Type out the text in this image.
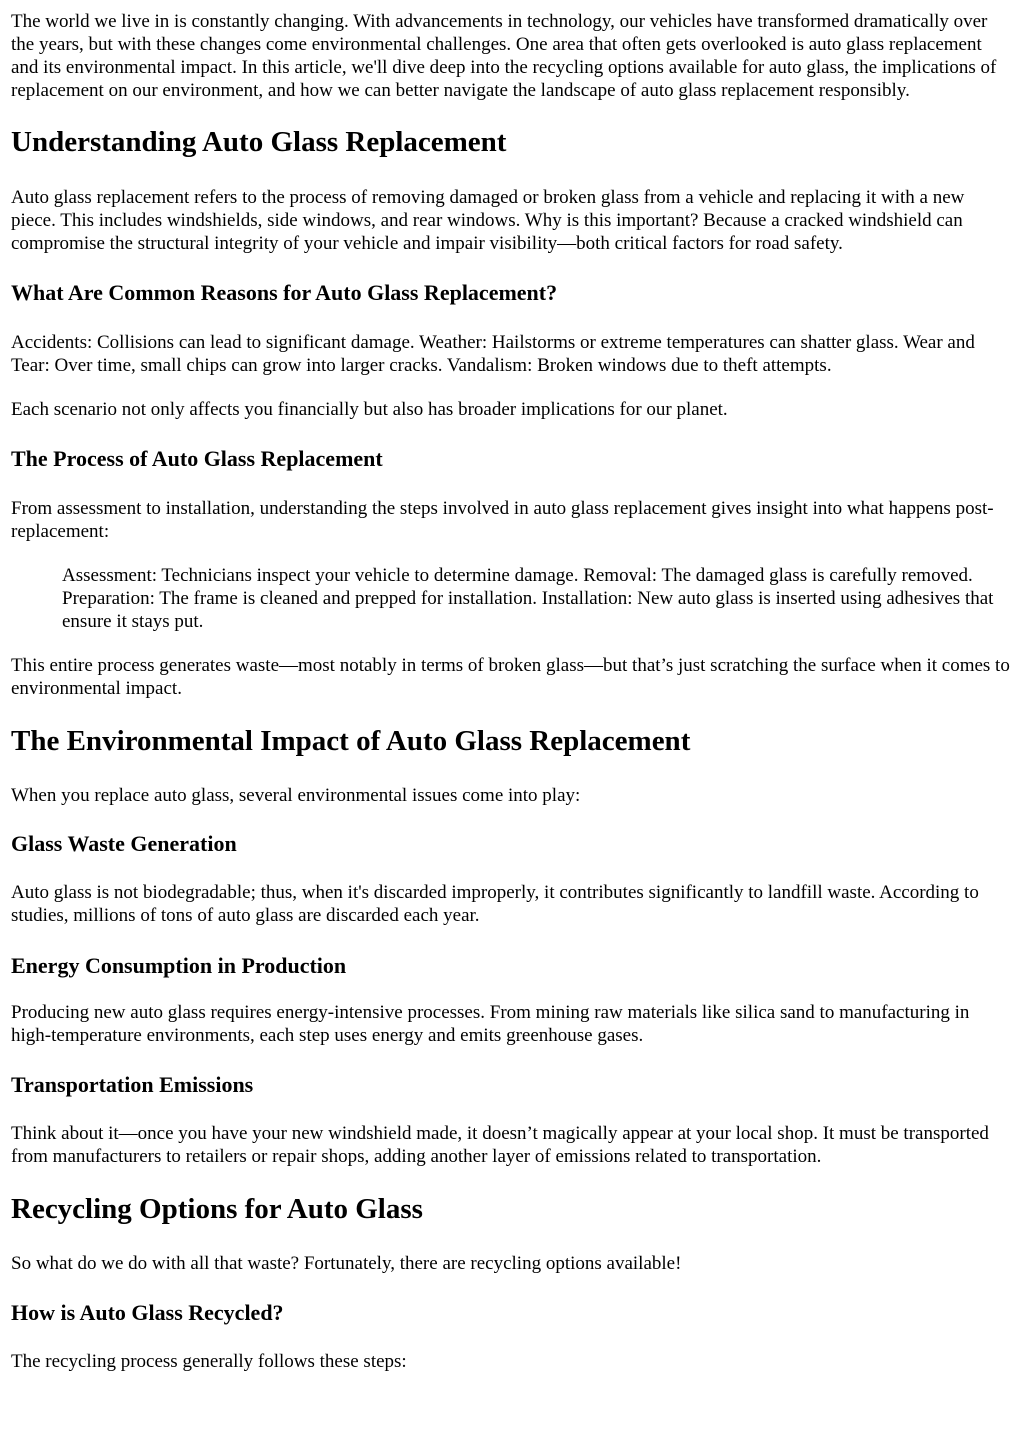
The world we live in is constantly changing. With advancements in technology, our vehicles have transformed dramatically over the years, but with these changes come environmental challenges. One area that often gets overlooked is auto glass replacement and its environmental impact. In this article, we'll dive deep into the recycling options available for auto glass, the implications of replacement on our environment, and how we can better navigate the landscape of auto glass replacement responsibly.

Understanding Auto Glass Replacement

Auto glass replacement refers to the process of removing damaged or broken glass from a vehicle and replacing it with a new piece. This includes windshields, side windows, and rear windows. Why is this important? Because a cracked windshield can compromise the structural integrity of your vehicle and impair visibility—both critical factors for road safety.

What Are Common Reasons for Auto Glass Replacement?

Accidents: Collisions can lead to significant damage. Weather: Hailstorms or extreme temperatures can shatter glass. Wear and Tear: Over time, small chips can grow into larger cracks. Vandalism: Broken windows due to theft attempts.

Each scenario not only affects you financially but also has broader implications for our planet.

The Process of Auto Glass Replacement

From assessment to installation, understanding the steps involved in auto glass replacement gives insight into what happens post-replacement:

Assessment: Technicians inspect your vehicle to determine damage. Removal: The damaged glass is carefully removed. Preparation: The frame is cleaned and prepped for installation. Installation: New auto glass is inserted using adhesives that ensure it stays put.

This entire process generates waste—most notably in terms of broken glass—but that’s just scratching the surface when it comes to environmental impact.

The Environmental Impact of Auto Glass Replacement

When you replace auto glass, several environmental issues come into play:

Glass Waste Generation

Auto glass is not biodegradable; thus, when it's discarded improperly, it contributes significantly to landfill waste. According to studies, millions of tons of auto glass are discarded each year.

Energy Consumption in Production

Producing new auto glass requires energy-intensive processes. From mining raw materials like silica sand to manufacturing in high-temperature environments, each step uses energy and emits greenhouse gases.

Transportation Emissions

Think about it—once you have your new windshield made, it doesn’t magically appear at your local shop. It must be transported from manufacturers to retailers or repair shops, adding another layer of emissions related to transportation.

Recycling Options for Auto Glass

So what do we do with all that waste? Fortunately, there are recycling options available!

How is Auto Glass Recycled?

The recycling process generally follows these steps:
